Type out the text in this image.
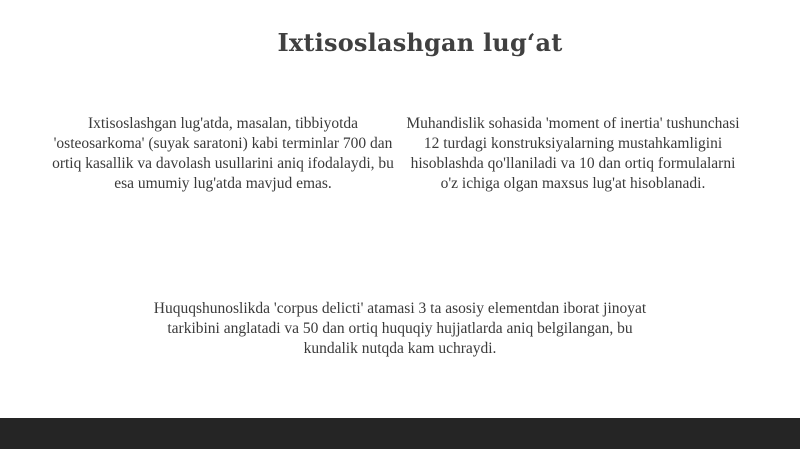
Ixtisoslashgan lug‘at
Ixtisoslashgan lug'atda, masalan, tibbiyotda 'osteosarkoma' (suyak saratoni) kabi terminlar 700 dan ortiq kasallik va davolash usullarini aniq ifodalaydi, bu esa umumiy lug'atda mavjud emas.
Muhandislik sohasida 'moment of inertia' tushunchasi 12 turdagi konstruksiyalarning mustahkamligini hisoblashda qo'llaniladi va 10 dan ortiq formulalarni o'z ichiga olgan maxsus lug'at hisoblanadi.
Huquqshunoslikda 'corpus delicti' atamasi 3 ta asosiy elementdan iborat jinoyat tarkibini anglatadi va 50 dan ortiq huquqiy hujjatlarda aniq belgilangan, bu kundalik nutqda kam uchraydi.
